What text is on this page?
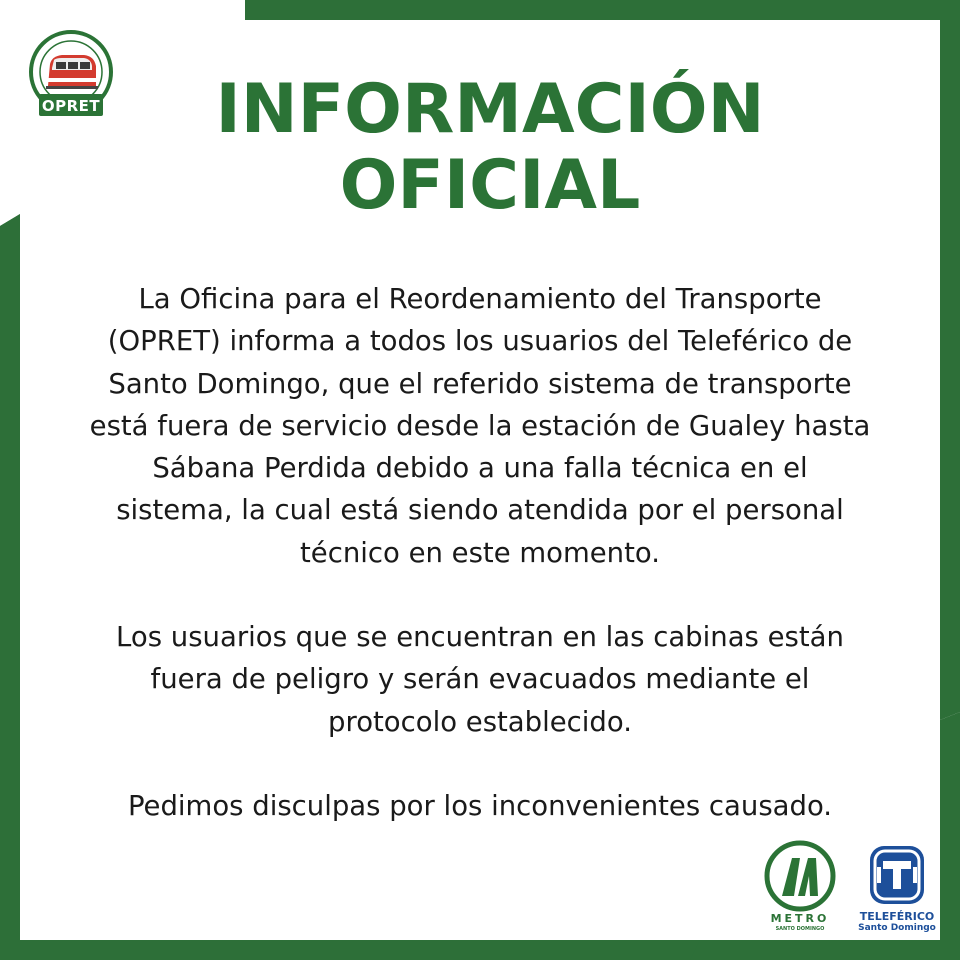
OPRET	INFORMACIÓN
OFICIAL

La Oficina para el Reordenamiento del Transporte
(OPRET) informa a todos los usuarios del Teleférico de
Santo Domingo, que el referido sistema de transporte
está fuera de servicio desde la estación de Gualey hasta
Sábana Perdida debido a una falla técnica en el
sistema, la cual está siendo atendida por el personal
técnico en este momento.

Los usuarios que se encuentran en las cabinas están
fuera de peligro y serán evacuados mediante el
protocolo establecido.

Pedimos disculpas por los inconvenientes causado.

METRO
SANTO DOMINGO
TELEFÉRICO
Santo Domingo
